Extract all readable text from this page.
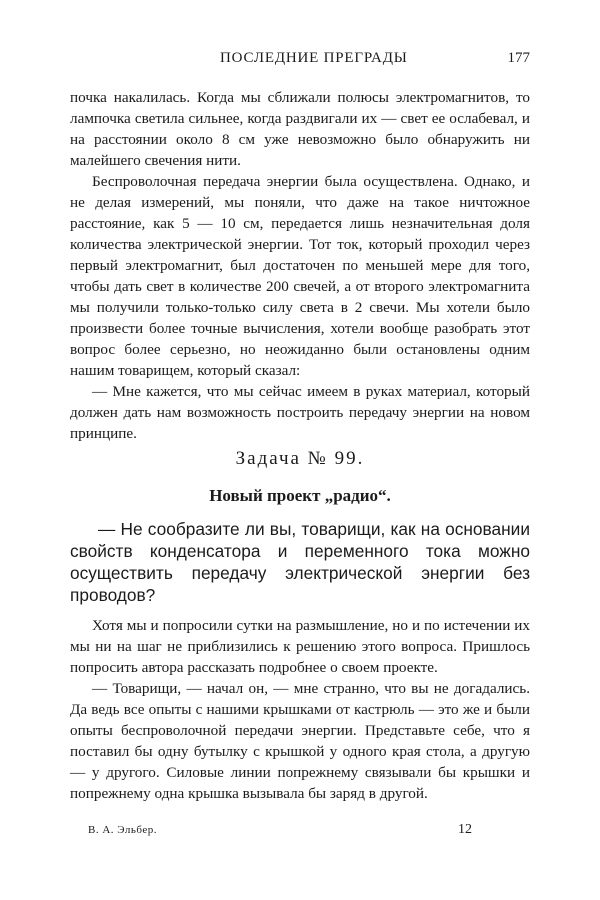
ПОСЛЕДНИЕ ПРЕГРАДЫ	177

почка накалилась. Когда мы сближали полюсы электромагнитов, то лампочка светила сильнее, когда раздвигали их — свет ее ослабевал, и на расстоянии около 8 см уже невозможно было обнаружить ни малейшего свечения нити.

Беспроволочная передача энергии была осуществлена. Однако, и не делая измерений, мы поняли, что даже на такое ничтожное расстояние, как 5 — 10 см, передается лишь незначительная доля количества электрической энергии. Тот ток, который проходил через первый электромагнит, был достаточен по меньшей мере для того, чтобы дать свет в количестве 200 свечей, а от второго электромагнита мы получили только-только силу света в 2 свечи. Мы хотели было произвести более точные вычисления, хотели вообще разобрать этот вопрос более серьезно, но неожиданно были остановлены одним нашим товарищем, который сказал:

— Мне кажется, что мы сейчас имеем в руках материал, который должен дать нам возможность построить передачу энергии на новом принципе.

Задача № 99.
Новый проект „радио“.

— Не сообразите ли вы, товарищи, как на основании свойств конденсатора и переменного тока можно осуществить передачу электрической энергии без проводов?

Хотя мы и попросили сутки на размышление, но и по истечении их мы ни на шаг не приблизились к решению этого вопроса. Пришлось попросить автора рассказать подробнее о своем проекте.

— Товарищи, — начал он, — мне странно, что вы не догадались. Да ведь все опыты с нашими крышками от кастрюль — это же и были опыты беспроволочной передачи энергии. Представьте себе, что я поставил бы одну бутылку с крышкой у одного края стола, а другую — у другого. Силовые линии попрежнему связывали бы крышки и попрежнему одна крышка вызывала бы заряд в другой.

В. А. Эльбер.	12
